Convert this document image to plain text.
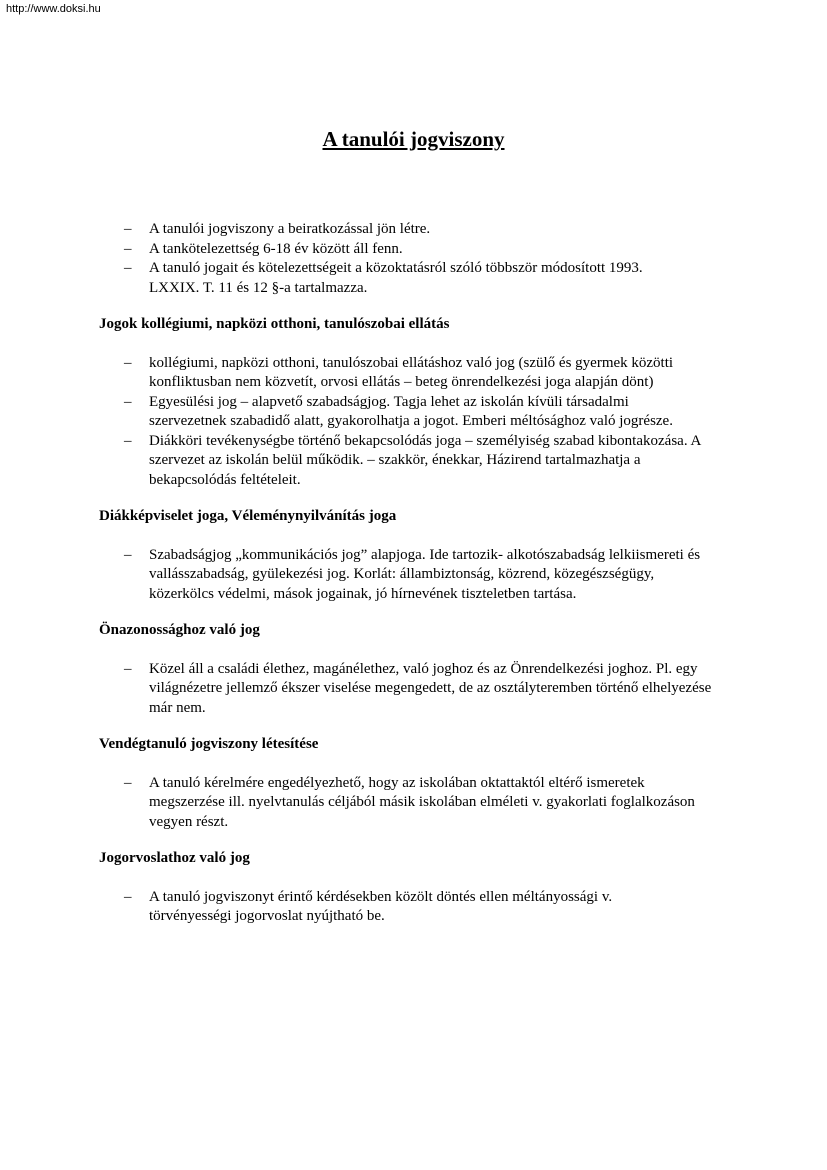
http://www.doksi.hu
A tanulói jogviszony
– A tanulói jogviszony a beiratkozással jön létre.
– A tankötelezettség 6-18 év között áll fenn.
– A tanuló jogait és kötelezettségeit a közoktatásról szóló többször módosított 1993. LXXIX. T. 11 és 12 §-a tartalmazza.
Jogok kollégiumi, napközi otthoni, tanulószobai ellátás
– kollégiumi, napközi otthoni, tanulószobai ellátáshoz való jog (szülő és gyermek közötti konfliktusban nem közvetít, orvosi ellátás – beteg önrendelkezési joga alapján dönt)
– Egyesülési jog – alapvető szabadságjog. Tagja lehet az iskolán kívüli társadalmi szervezetnek szabadidő alatt, gyakorolhatja a jogot. Emberi méltósághoz való jogrésze.
– Diákköri tevékenységbe történő bekapcsolódás joga – személyiség szabad kibontakozása. A szervezet az iskolán belül működik. – szakkör, énekkar, Házirend tartalmazhatja a bekapcsolódás feltételeit.
Diákképviselet joga, Véleménynyilvánítás joga
– Szabadságjog „kommunikációs jog” alapjoga. Ide tartozik- alkotószabadság lelkiismereti és vallásszabadság, gyülekezési jog. Korlát: állambiztonság, közrend, közegészségügy, közerkölcs védelmi, mások jogainak, jó hírnevének tiszteletben tartása.
Önazonossághoz való jog
– Közel áll a családi élethez, magánélethez, való joghoz és az Önrendelkezési joghoz. Pl. egy világnézetre jellemző ékszer viselése megengedett, de az osztályteremben történő elhelyezése már nem.
Vendégtanuló jogviszony létesítése
– A tanuló kérelmére engedélyezhető, hogy az iskolában oktattaktól eltérő ismeretek megszerzése ill. nyelvtanulás céljából másik iskolában elméleti v. gyakorlati foglalkozáson vegyen részt.
Jogorvoslathoz való jog
– A tanuló jogviszonyt érintő kérdésekben közölt döntés ellen méltányossági v. törvényességi jogorvoslat nyújtható be.
